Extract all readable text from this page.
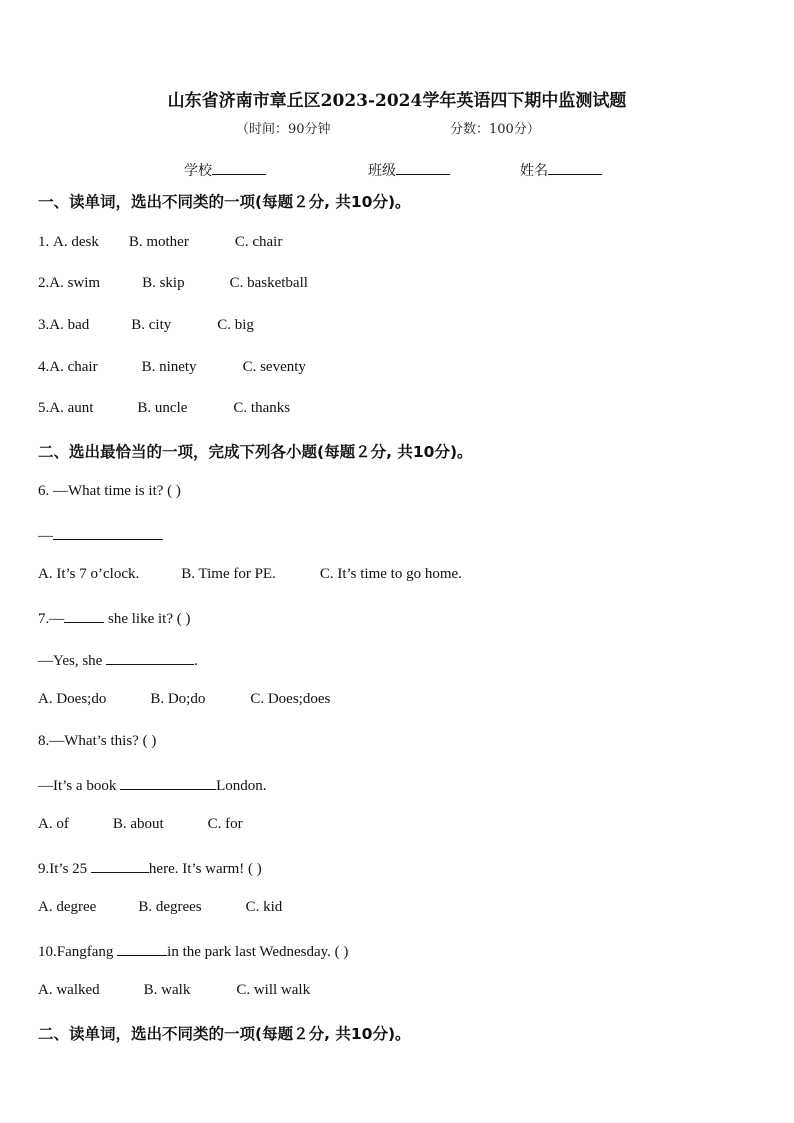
山东省济南市章丘区2023-2024学年英语四下期中监测试题
（时间：90分钟	分数：100分）
学校	班级	姓名
一、读单词，选出不同类的一项(每题２分, 共10分)。
1. A. desk B. mother	C. chair
2.A. swim	B. skip	C. basketball
3.A. bad	B. city	C. big
4.A. chair	B. ninety	C. seventy
5.A. aunt	B. uncle	C. thanks
二、选出最恰当的一项，完成下列各小题(每题２分, 共10分)。
6. —What time is it? ( )
—
A. It’s 7 o’clock.	B. Time for PE.	C. It’s time to go home.
7.—	she like it? ( )
—Yes, she	.
A. Does;do	B. Do;do	C. Does;does
8.—What’s this? ( )
—It’s a book	London.
A. of	B. about	C. for
9.It’s 25	here. It’s warm! ( )
A. degree	B. degrees	C. kid
10.Fangfang	in the park last Wednesday. ( )
A. walked	B. walk	C. will walk
二、读单词，选出不同类的一项(每题２分, 共10分)。
